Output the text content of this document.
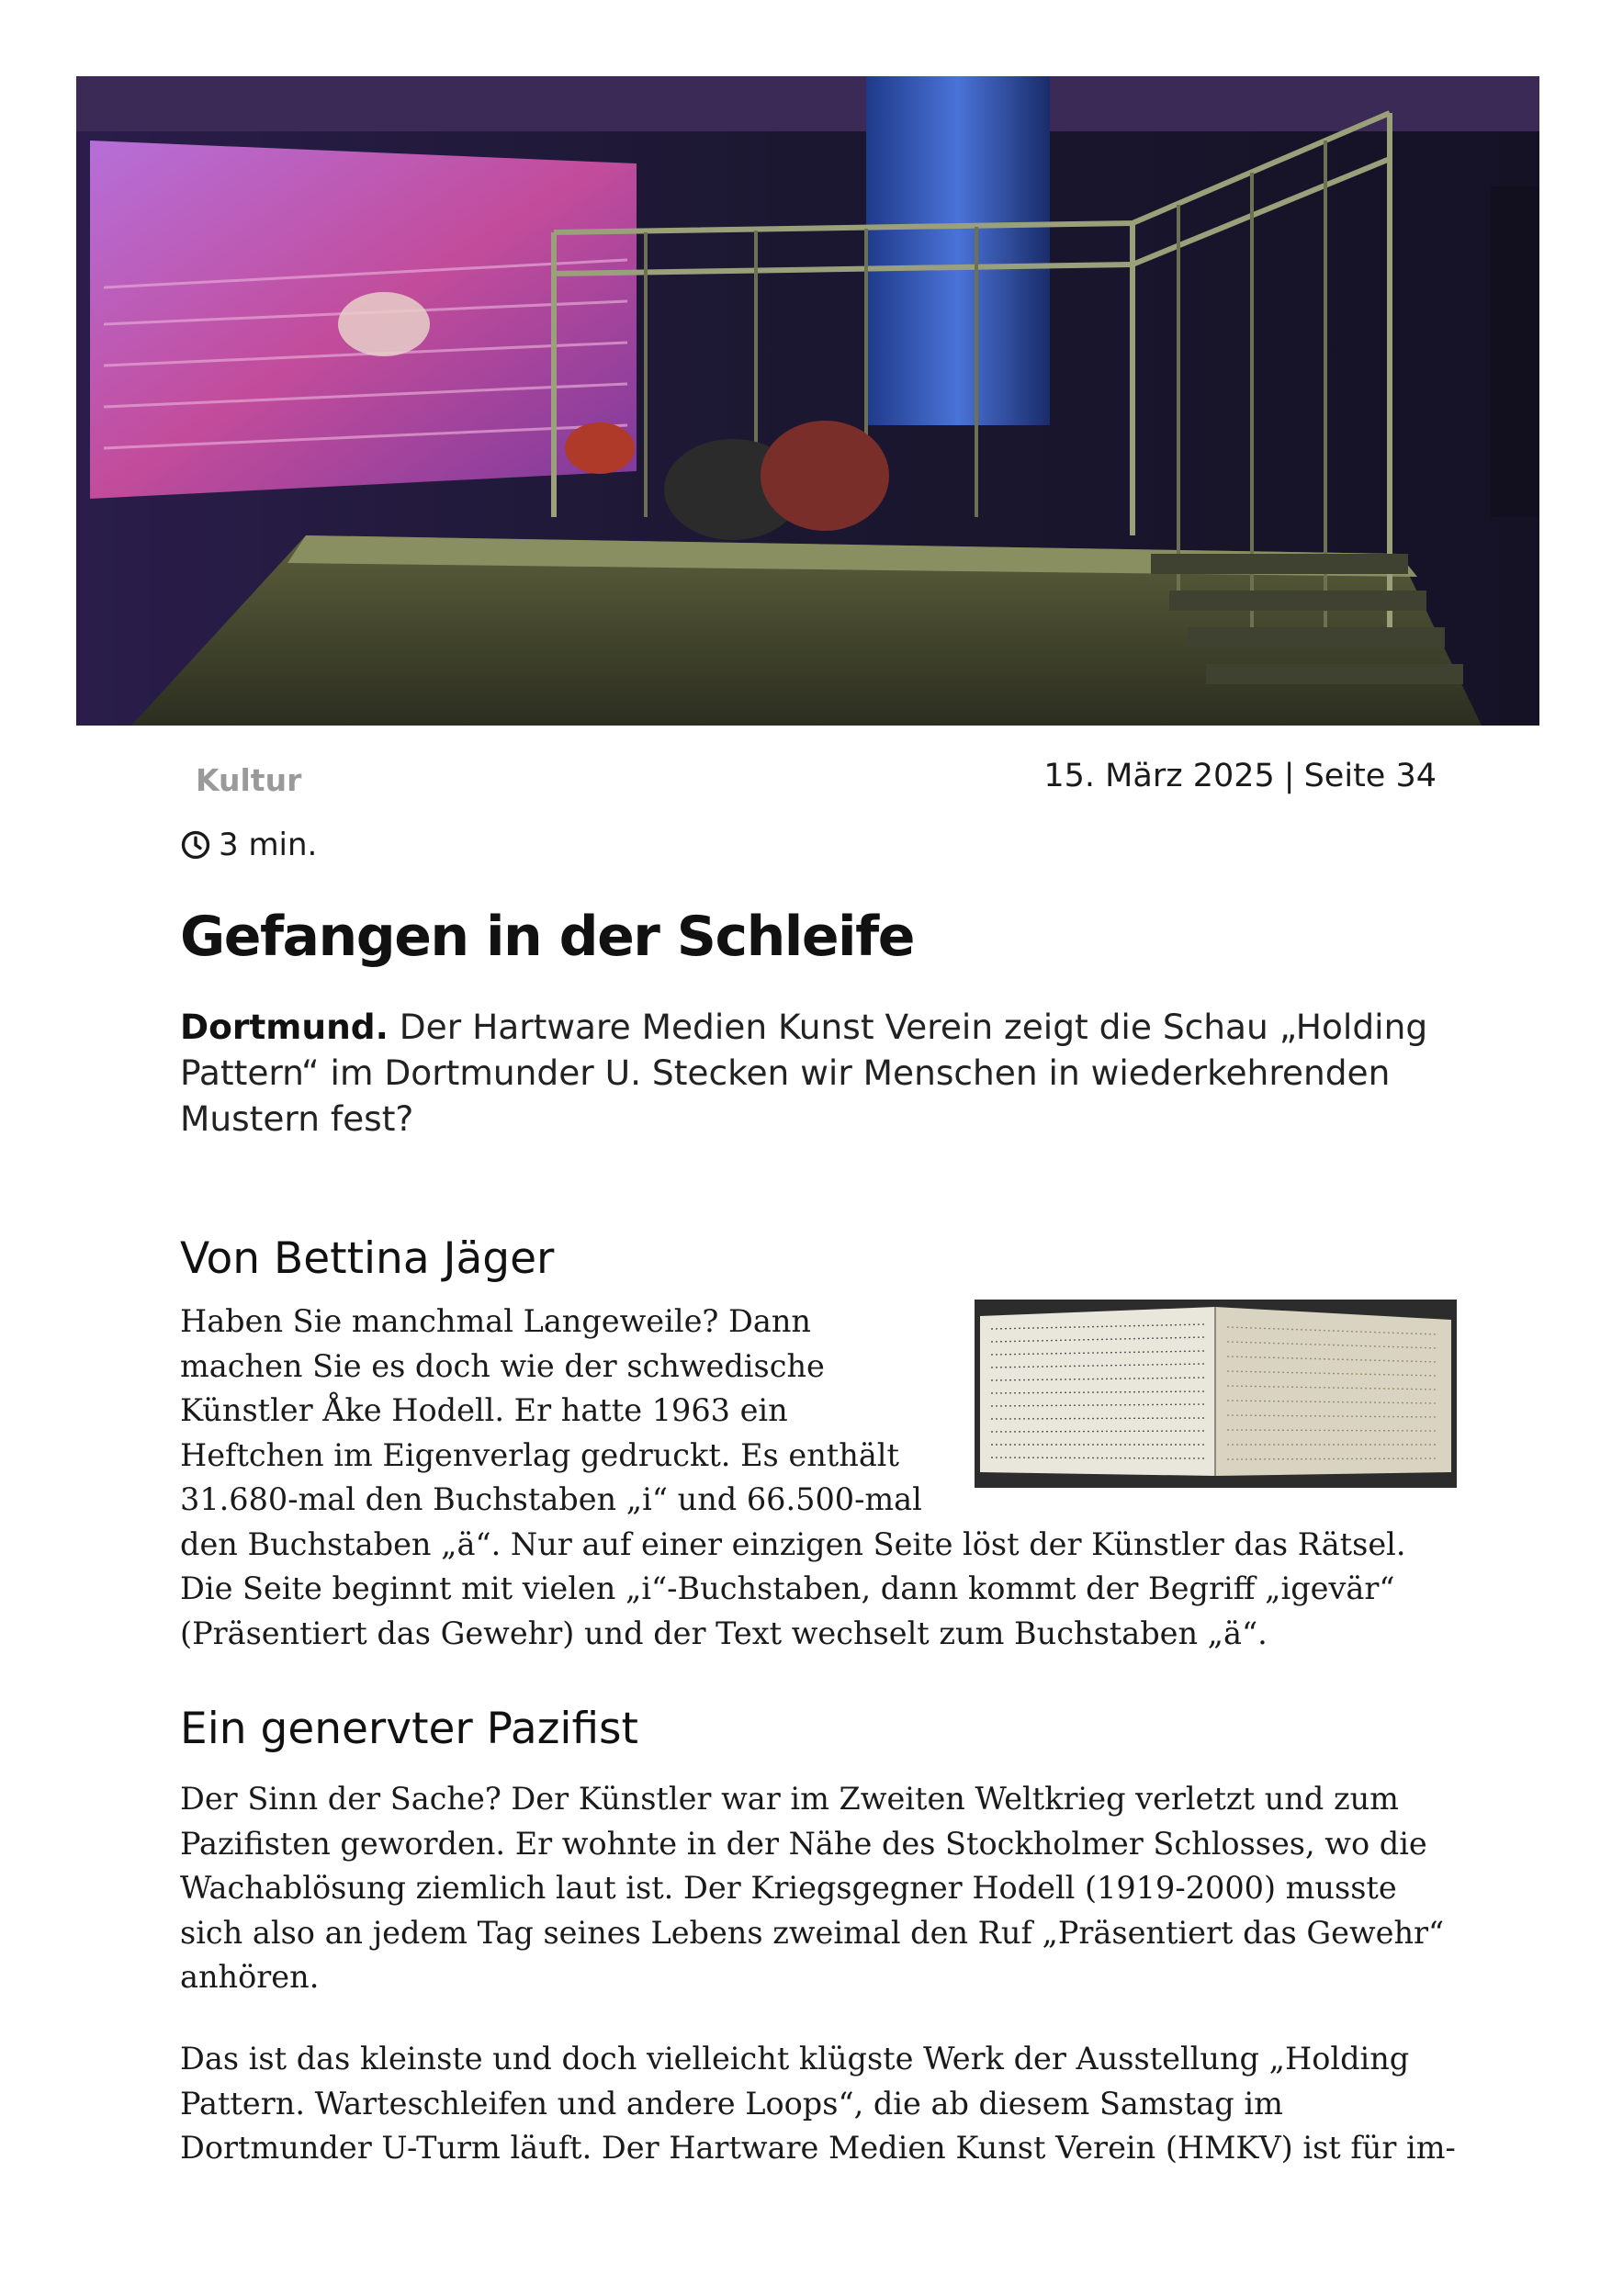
Kultur	15. März 2025 | Seite 34
3 min.
Gefangen in der Schleife

Dortmund. Der Hartware Medien Kunst Verein zeigt die Schau „Holding Pattern“ im Dortmunder U. Stecken wir Menschen in wiederkehrenden Mustern fest?

Von Bettina Jäger
Haben Sie manchmal Langeweile? Dann machen Sie es doch wie der schwedische Künstler Åke Hodell. Er hatte 1963 ein Heftchen im Eigenverlag gedruckt. Es enthält 31.680-mal den Buchstaben „i“ und 66.500-mal den Buchstaben „ä“. Nur auf einer einzigen Seite löst der Künstler das Rätsel. Die Seite beginnt mit vielen „i“-Buchstaben, dann kommt der Begriff „igevär“ (Präsentiert das Gewehr) und der Text wechselt zum Buchstaben „ä“.
Ein genervter Pazifist

Der Sinn der Sache? Der Künstler war im Zweiten Weltkrieg verletzt und zum Pazifisten geworden. Er wohnte in der Nähe des Stockholmer Schlosses, wo die Wachablösung ziemlich laut ist. Der Kriegsgegner Hodell (1919-2000) musste sich also an jedem Tag seines Lebens zweimal den Ruf „Präsentiert das Gewehr“ anhören.

Das ist das kleinste und doch vielleicht klügste Werk der Ausstellung „Holding Pattern. Warteschleifen und andere Loops“, die ab diesem Samstag im Dortmunder U-Turm läuft. Der Hartware Medien Kunst Verein (HMKV) ist für im-
